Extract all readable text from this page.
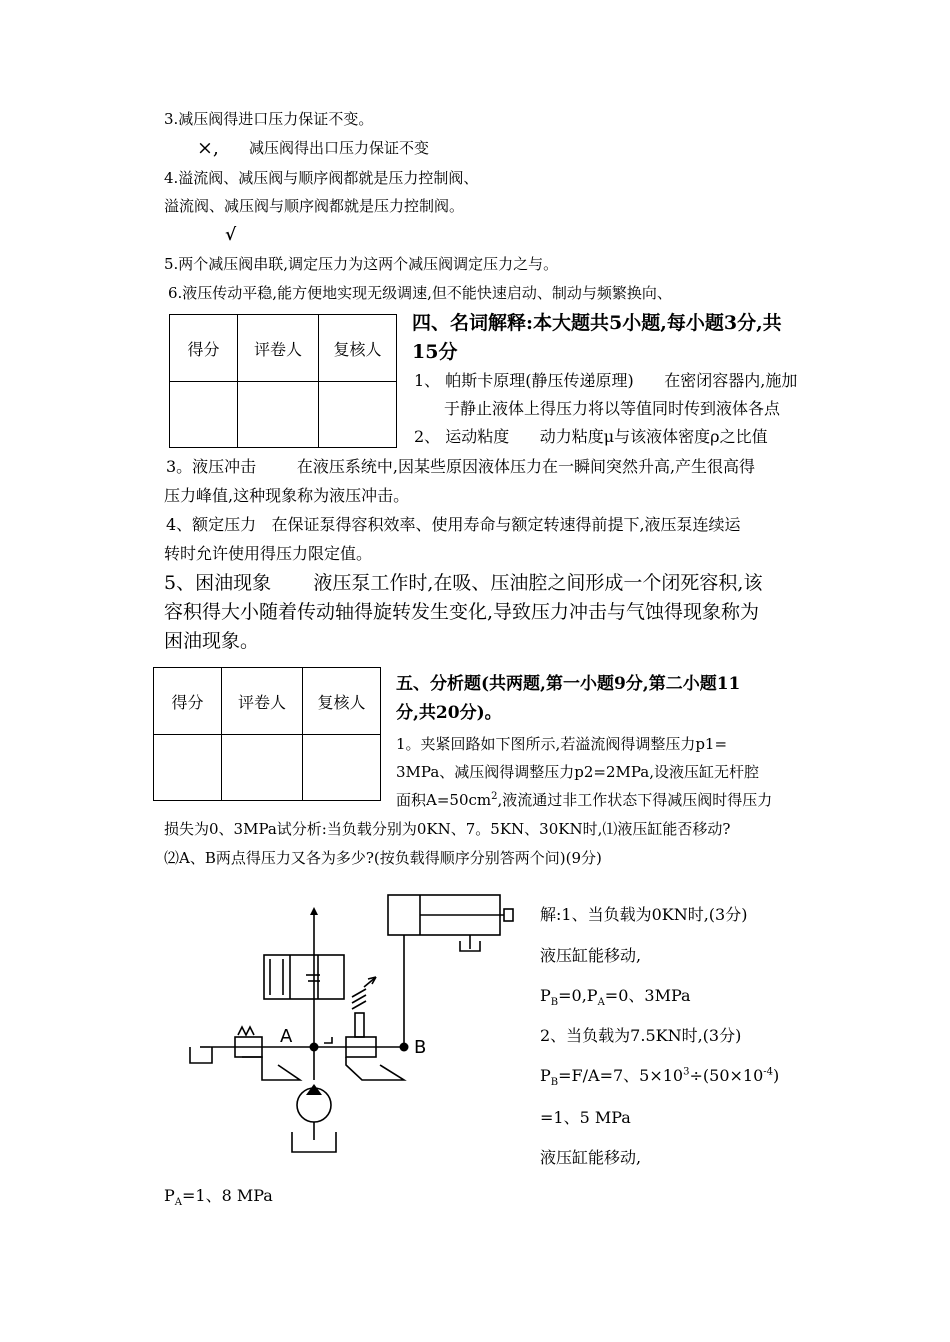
3.减压阀得进口压力保证不变。
×, 减压阀得出口压力保证不变
4.溢流阀、减压阀与顺序阀都就是压力控制阀、
溢流阀、减压阀与顺序阀都就是压力控制阀。
√
5.两个减压阀串联,调定压力为这两个减压阀调定压力之与。
6.液压传动平稳,能方便地实现无级调速,但不能快速启动、制动与频繁换向、
得分	评卷人	复核人

四、名词解释:本大题共5小题,每小题3分,共
15分
1、 帕斯卡原理(静压传递原理)      在密闭容器内,施加
于静止液体上得压力将以等值同时传到液体各点
2、 运动粘度      动力粘度μ与该液体密度ρ之比值
3。液压冲击        在液压系统中,因某些原因液体压力在一瞬间突然升高,产生很高得
压力峰值,这种现象称为液压冲击。
4、额定压力   在保证泵得容积效率、使用寿命与额定转速得前提下,液压泵连续运
转时允许使用得压力限定值。
5、困油现象       液压泵工作时,在吸、压油腔之间形成一个闭死容积,该
容积得大小随着传动轴得旋转发生变化,导致压力冲击与气蚀得现象称为
困油现象。
得分	评卷人	复核人

五、分析题(共两题,第一小题9分,第二小题11
分,共20分)。
1。夹紧回路如下图所示,若溢流阀得调整压力p1=
3MPa、减压阀得调整压力p2=2MPa,设液压缸无杆腔
面积$A=50cm^2$,液流通过非工作状态下得减压阀时得压力
损失为0、3MPa试分析:当负载分别为0KN、7。5KN、30KN时,⑴液压缸能否移动?
⑵A、B两点得压力又各为多少?(按负载得顺序分别答两个问)(9分)
A
B
解:1、当负载为0KN时,(3分)
液压缸能移动,
$P_B=0,P_A=0$、3MPa
2、当负载为7.5KN时,(3分)
$P_B=F/A=7$、$5\times 10^3\div(50\times 10^{-4})$
=1、5 MPa
液压缸能移动,
$P_A=1$、8 MPa
